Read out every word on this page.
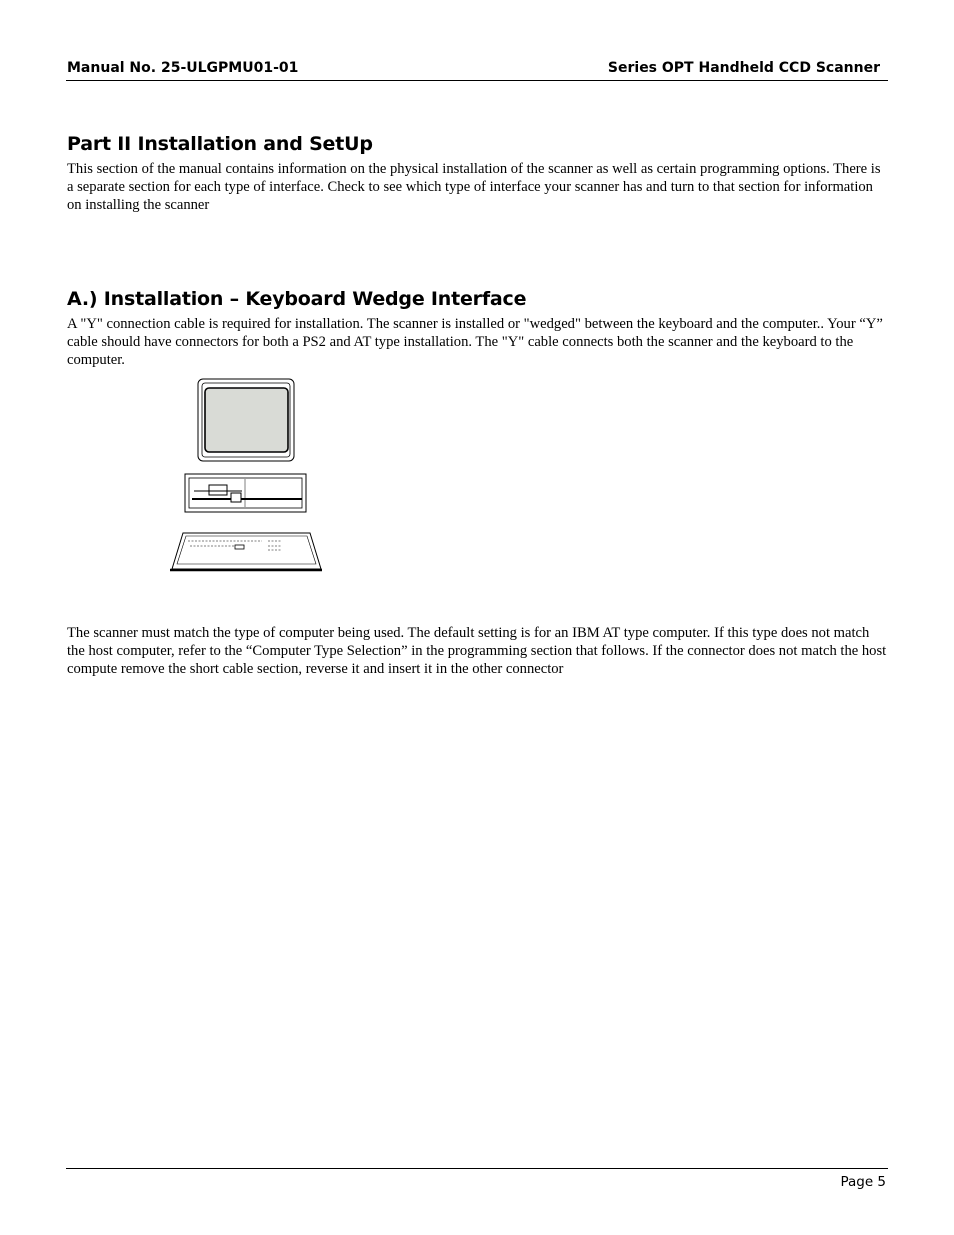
Manual No. 25-ULGPMU01-01	Series OPT Handheld CCD Scanner
Part II Installation and SetUp

This section of the manual contains information on the physical installation of the scanner as well as certain programming options. There is a separate section for each type of interface. Check to see which type of interface your scanner has and turn to that section for information on installing the scanner

A.) Installation – Keyboard Wedge Interface

A "Y" connection cable is required for installation. The scanner is installed or "wedged" between the keyboard and the computer.. Your “Y” cable should have connectors for both a PS2 and AT type installation. The "Y" cable connects both the scanner and the keyboard to the computer.

The scanner must match the type of computer being used. The default setting is for an IBM AT type computer. If this type does not match the host computer, refer to the “Computer Type Selection” in the programming section that follows. If the connector does not match the host compute remove the short cable section, reverse it and insert it in the other connector

Page 5
